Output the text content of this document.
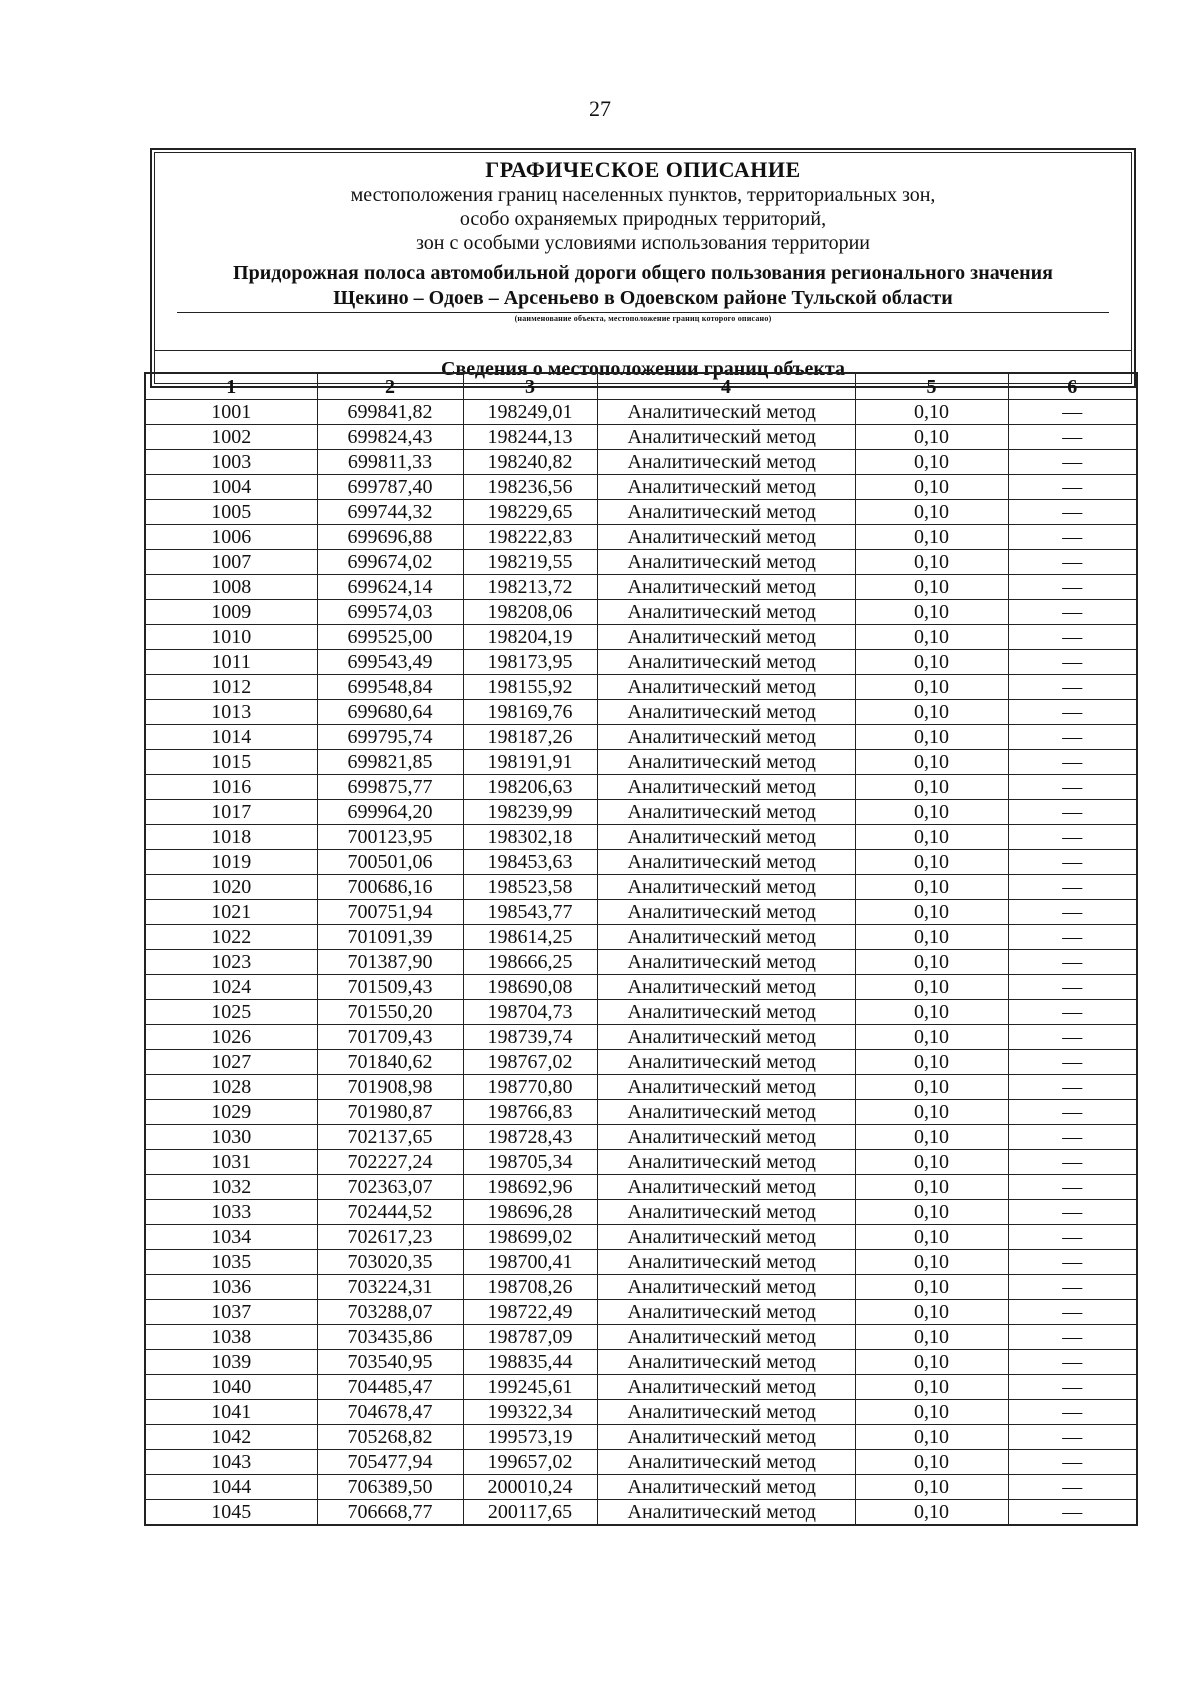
27
ГРАФИЧЕСКОЕ ОПИСАНИЕ
местоположения границ населенных пунктов, территориальных зон,
особо охраняемых природных территорий,
зон с особыми условиями использования территории
Придорожная полоса автомобильной дороги общего пользования регионального значения
Щекино – Одоев – Арсеньево в Одоевском районе Тульской области
(наименование объекта, местоположение границ которого описано)
Сведения о местоположении границ объекта
1	2	3	4	5	6
1001	699841,82	198249,01	Аналитический метод	0,10	—
1002	699824,43	198244,13	Аналитический метод	0,10	—
1003	699811,33	198240,82	Аналитический метод	0,10	—
1004	699787,40	198236,56	Аналитический метод	0,10	—
1005	699744,32	198229,65	Аналитический метод	0,10	—
1006	699696,88	198222,83	Аналитический метод	0,10	—
1007	699674,02	198219,55	Аналитический метод	0,10	—
1008	699624,14	198213,72	Аналитический метод	0,10	—
1009	699574,03	198208,06	Аналитический метод	0,10	—
1010	699525,00	198204,19	Аналитический метод	0,10	—
1011	699543,49	198173,95	Аналитический метод	0,10	—
1012	699548,84	198155,92	Аналитический метод	0,10	—
1013	699680,64	198169,76	Аналитический метод	0,10	—
1014	699795,74	198187,26	Аналитический метод	0,10	—
1015	699821,85	198191,91	Аналитический метод	0,10	—
1016	699875,77	198206,63	Аналитический метод	0,10	—
1017	699964,20	198239,99	Аналитический метод	0,10	—
1018	700123,95	198302,18	Аналитический метод	0,10	—
1019	700501,06	198453,63	Аналитический метод	0,10	—
1020	700686,16	198523,58	Аналитический метод	0,10	—
1021	700751,94	198543,77	Аналитический метод	0,10	—
1022	701091,39	198614,25	Аналитический метод	0,10	—
1023	701387,90	198666,25	Аналитический метод	0,10	—
1024	701509,43	198690,08	Аналитический метод	0,10	—
1025	701550,20	198704,73	Аналитический метод	0,10	—
1026	701709,43	198739,74	Аналитический метод	0,10	—
1027	701840,62	198767,02	Аналитический метод	0,10	—
1028	701908,98	198770,80	Аналитический метод	0,10	—
1029	701980,87	198766,83	Аналитический метод	0,10	—
1030	702137,65	198728,43	Аналитический метод	0,10	—
1031	702227,24	198705,34	Аналитический метод	0,10	—
1032	702363,07	198692,96	Аналитический метод	0,10	—
1033	702444,52	198696,28	Аналитический метод	0,10	—
1034	702617,23	198699,02	Аналитический метод	0,10	—
1035	703020,35	198700,41	Аналитический метод	0,10	—
1036	703224,31	198708,26	Аналитический метод	0,10	—
1037	703288,07	198722,49	Аналитический метод	0,10	—
1038	703435,86	198787,09	Аналитический метод	0,10	—
1039	703540,95	198835,44	Аналитический метод	0,10	—
1040	704485,47	199245,61	Аналитический метод	0,10	—
1041	704678,47	199322,34	Аналитический метод	0,10	—
1042	705268,82	199573,19	Аналитический метод	0,10	—
1043	705477,94	199657,02	Аналитический метод	0,10	—
1044	706389,50	200010,24	Аналитический метод	0,10	—
1045	706668,77	200117,65	Аналитический метод	0,10	—
